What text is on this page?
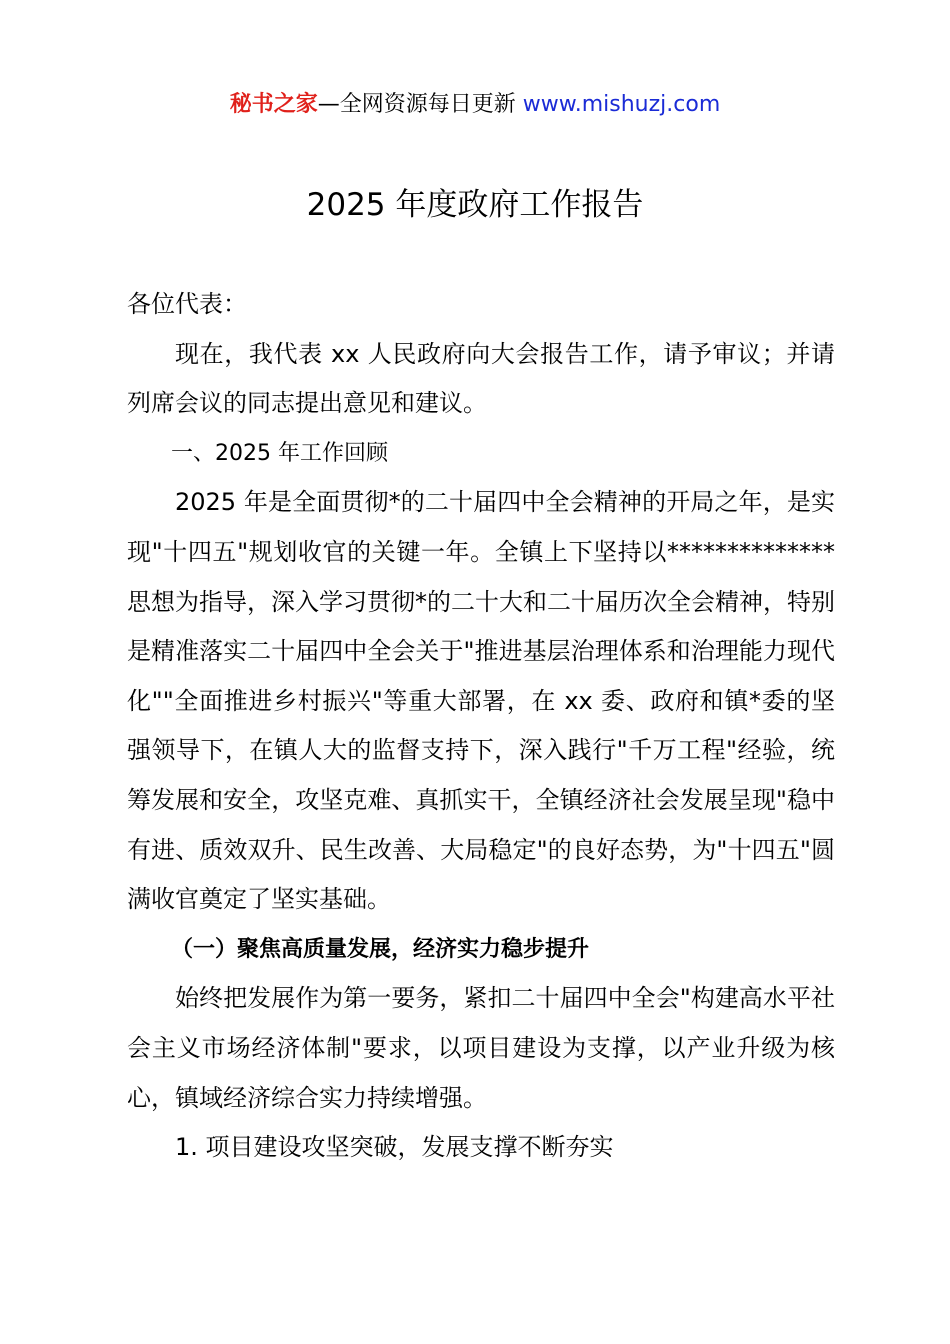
秘书之家—全网资源每日更新 www.mishuzj.com
2025 年度政府工作报告

各位代表：

现在，我代表 xx 人民政府向大会报告工作，请予审议；并请列席会议的同志提出意见和建议。

一、2025 年工作回顾

2025 年是全面贯彻*的二十届四中全会精神的开局之年，是实现"十四五"规划收官的关键一年。全镇上下坚持以**************思想为指导，深入学习贯彻*的二十大和二十届历次全会精神，特别是精准落实二十届四中全会关于"推进基层治理体系和治理能力现代化""全面推进乡村振兴"等重大部署，在 xx 委、政府和镇*委的坚强领导下，在镇人大的监督支持下，深入践行"千万工程"经验，统筹发展和安全，攻坚克难、真抓实干，全镇经济社会发展呈现"稳中有进、质效双升、民生改善、大局稳定"的良好态势，为"十四五"圆满收官奠定了坚实基础。

（一）聚焦高质量发展，经济实力稳步提升

始终把发展作为第一要务，紧扣二十届四中全会"构建高水平社会主义市场经济体制"要求，以项目建设为支撑，以产业升级为核心，镇域经济综合实力持续增强。

1. 项目建设攻坚突破，发展支撑不断夯实
